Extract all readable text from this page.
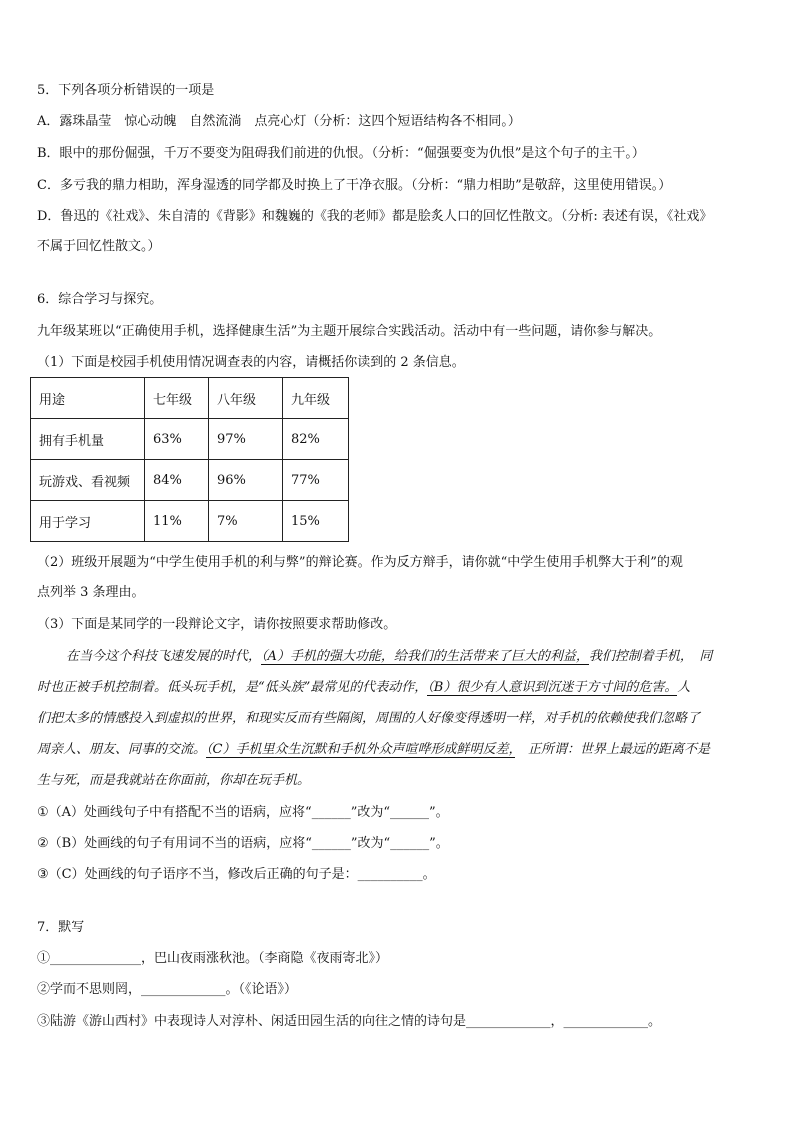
5．下列各项分析错误的一项是
A．露珠晶莹　惊心动魄　自然流淌　点亮心灯（分析：这四个短语结构各不相同。）
B．眼中的那份倔强，千万不要变为阻碍我们前进的仇恨。（分析：“倔强要变为仇恨”是这个句子的主干。）
C．多亏我的鼎力相助，浑身湿透的同学都及时换上了干净衣服。（分析：“鼎力相助”是敬辞，这里使用错误。）
D．鲁迅的《社戏》、朱自清的《背影》和魏巍的《我的老师》都是脍炙人口的回忆性散文。（分析: 表述有误，《社戏》
不属于回忆性散文。）
6．综合学习与探究。
九年级某班以“正确使用手机，选择健康生活”为主题开展综合实践活动。活动中有一些问题，请你参与解决。
（1）下面是校园手机使用情况调查表的内容，请概括你读到的 2 条信息。
用途	七年级	八年级	九年级
拥有手机量	63%	97%	82%
玩游戏、看视频	84%	96%	77%
用于学习	11%	7%	15%
（2）班级开展题为“中学生使用手机的利与弊”的辩论赛。作为反方辩手，请你就“中学生使用手机弊大于利”的观
点列举 3 条理由。
（3）下面是某同学的一段辩论文字，请你按照要求帮助修改。
在当今这个科技飞速发展的时代，（A）手机的强大功能，给我们的生活带来了巨大的利益，我们控制着手机，　同
时也正被手机控制着。低头玩手机，是“低头族”最常见的代表动作，（B）很少有人意识到沉迷于方寸间的危害。人
们把太多的情感投入到虚拟的世界，和现实反而有些隔阂，周围的人好像变得透明一样，对手机的依赖使我们忽略了
周亲人、朋友、同事的交流。（C）手机里众生沉默和手机外众声喧哗形成鲜明反差，　正所谓：世界上最远的距离不是
生与死，而是我就站在你面前，你却在玩手机。
①（A）处画线句子中有搭配不当的语病，应将“______”改为“______”。
②（B）处画线的句子有用词不当的语病，应将“______”改为“______”。
③（C）处画线的句子语序不当，修改后正确的句子是：__________。
7．默写
①______________，巴山夜雨涨秋池。（李商隐《夜雨寄北》）
②学而不思则罔，_____________。（《论语》）
③陆游《游山西村》中表现诗人对淳朴、闲适田园生活的向往之情的诗句是_____________，_____________。
